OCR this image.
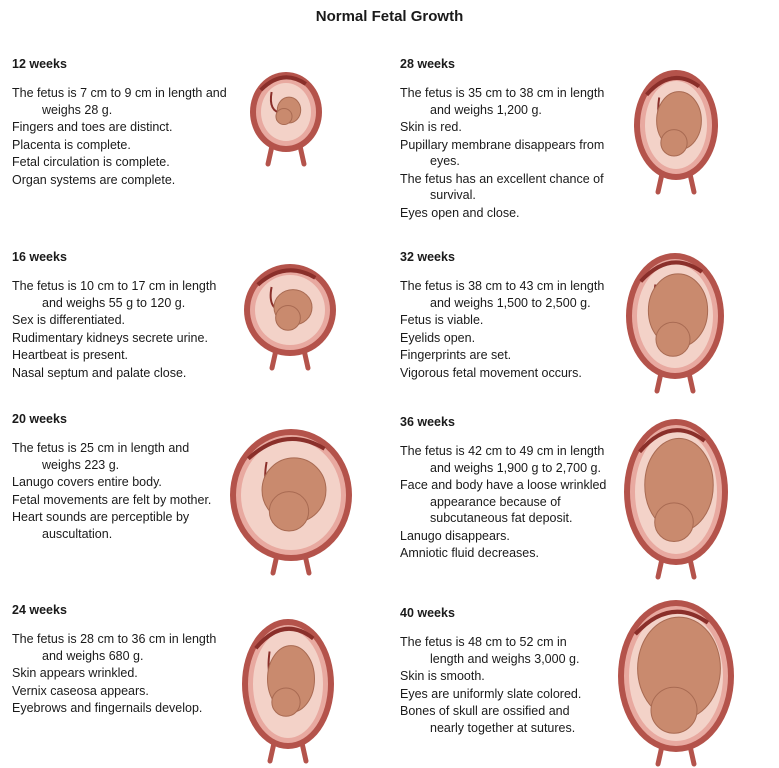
Normal Fetal Growth
12 weeks
The fetus is 7 cm to 9 cm in length and weighs 28 g.
Fingers and toes are distinct.
Placenta is complete.
Fetal circulation is complete.
Organ systems are complete.
16 weeks
The fetus is 10 cm to 17 cm in length and weighs 55 g to 120 g.
Sex is differentiated.
Rudimentary kidneys secrete urine.
Heartbeat is present.
Nasal septum and palate close.
20 weeks
The fetus is 25 cm in length and weighs 223 g.
Lanugo covers entire body.
Fetal movements are felt by mother.
Heart sounds are perceptible by auscultation.
24 weeks
The fetus is 28 cm to 36 cm in length and weighs 680 g.
Skin appears wrinkled.
Vernix caseosa appears.
Eyebrows and fingernails develop.
28 weeks
The fetus is 35 cm to 38 cm in length and weighs 1,200 g.
Skin is red.
Pupillary membrane disappears from eyes.
The fetus has an excellent chance of survival.
Eyes open and close.
32 weeks
The fetus is 38 cm to 43 cm in length and weighs 1,500 to 2,500 g.
Fetus is viable.
Eyelids open.
Fingerprints are set.
Vigorous fetal movement occurs.
36 weeks
The fetus is 42 cm to 49 cm in length and weighs 1,900 g to 2,700 g.
Face and body have a loose wrinkled appearance because of subcutaneous fat deposit.
Lanugo disappears.
Amniotic fluid decreases.
40 weeks
The fetus is 48 cm to 52 cm in length and weighs 3,000 g.
Skin is smooth.
Eyes are uniformly slate colored.
Bones of skull are ossified and nearly together at sutures.
